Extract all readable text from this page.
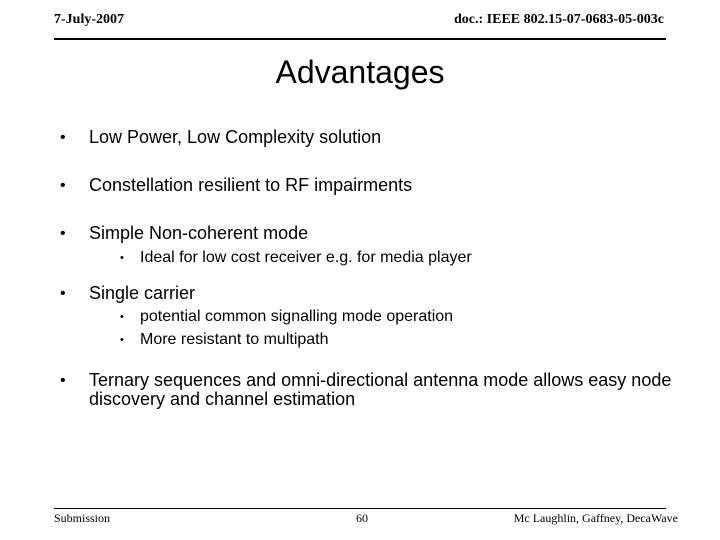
7-July-2007	doc.: IEEE 802.15-07-0683-05-003c
Advantages
• Low Power, Low Complexity solution
• Constellation resilient to RF impairments
• Simple Non-coherent mode
• Ideal for low cost receiver e.g. for media player
• Single carrier
• potential common signalling mode operation
• More resistant to multipath
• Ternary sequences and omni-directional antenna mode allows easy node discovery and channel estimation
Submission	60	Mc Laughlin, Gaffney, DecaWave
